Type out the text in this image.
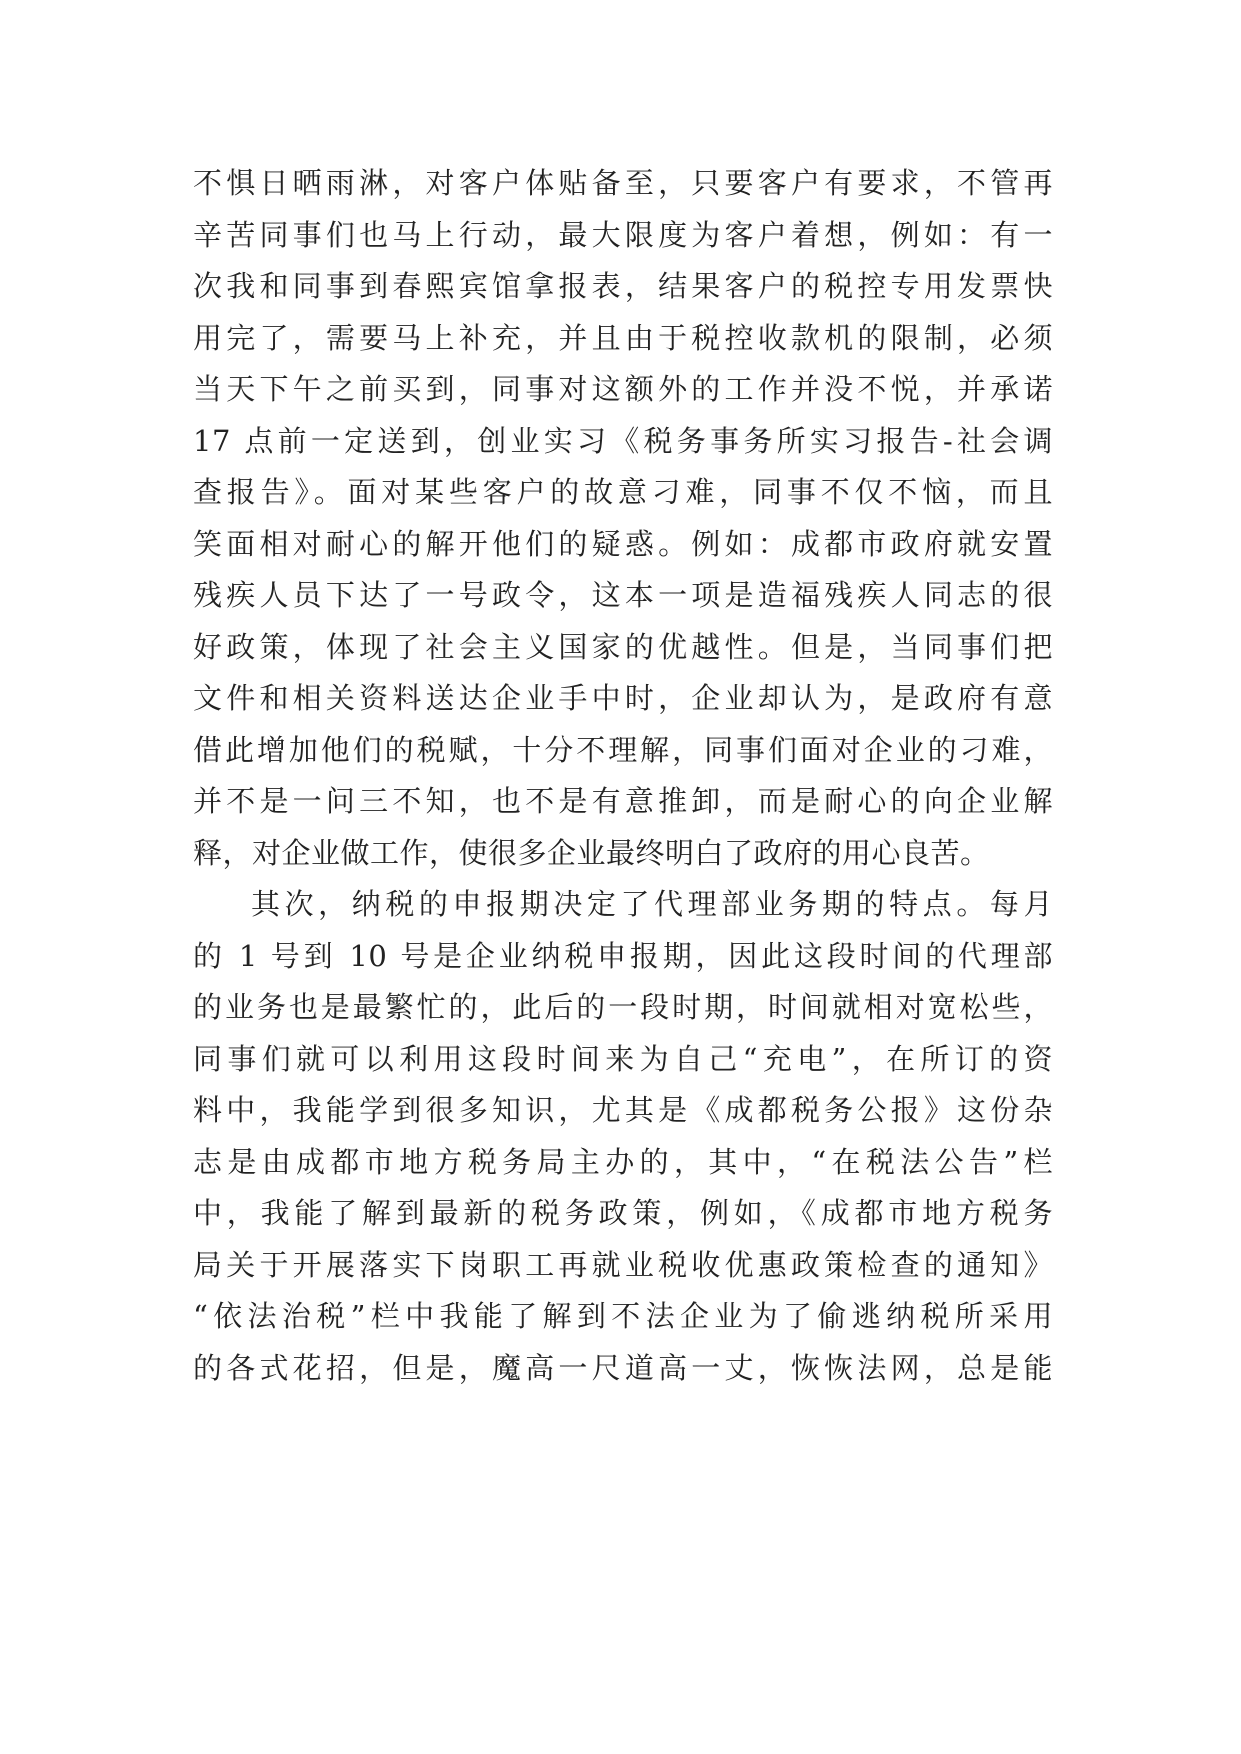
不惧日晒雨淋，对客户体贴备至，只要客户有要求，不管再
辛苦同事们也马上行动，最大限度为客户着想，例如：有一
次我和同事到春熙宾馆拿报表，结果客户的税控专用发票快
用完了，需要马上补充，并且由于税控收款机的限制，必须
当天下午之前买到，同事对这额外的工作并没不悦，并承诺
17 点前一定送到，创业实习《税务事务所实习报告-社会调
查报告》。面对某些客户的故意刁难，同事不仅不恼，而且
笑面相对耐心的解开他们的疑惑。例如：成都市政府就安置
残疾人员下达了一号政令，这本一项是造福残疾人同志的很
好政策，体现了社会主义国家的优越性。但是，当同事们把
文件和相关资料送达企业手中时，企业却认为，是政府有意
借此增加他们的税赋，十分不理解，同事们面对企业的刁难，
并不是一问三不知，也不是有意推卸，而是耐心的向企业解
释，对企业做工作，使很多企业最终明白了政府的用心良苦。
其次，纳税的申报期决定了代理部业务期的特点。每月
的 1 号到 10 号是企业纳税申报期，因此这段时间的代理部
的业务也是最繁忙的，此后的一段时期，时间就相对宽松些，
同事们就可以利用这段时间来为自己“充电”，在所订的资
料中，我能学到很多知识，尤其是《成都税务公报》这份杂
志是由成都市地方税务局主办的，其中，“在税法公告”栏
中，我能了解到最新的税务政策，例如，《成都市地方税务
局关于开展落实下岗职工再就业税收优惠政策检查的通知》
“依法治税”栏中我能了解到不法企业为了偷逃纳税所采用
的各式花招，但是，魔高一尺道高一丈，恢恢法网，总是能
